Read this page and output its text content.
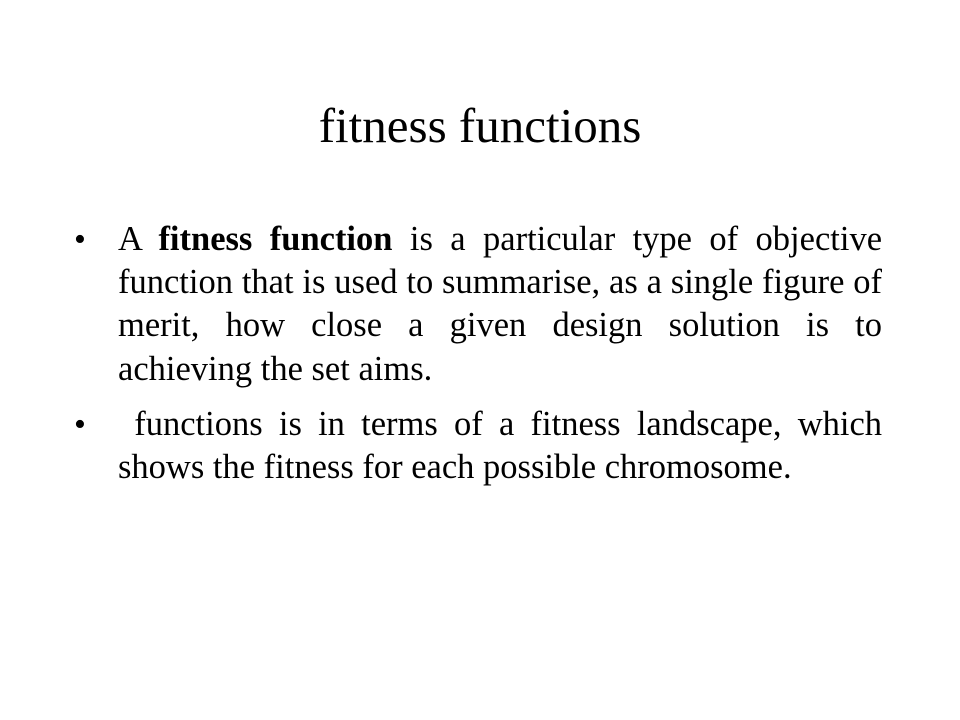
fitness functions
• A fitness function is a particular type of objective function that is used to summarise, as a single figure of merit, how close a given design solution is to achieving the set aims.
• functions is in terms of a fitness landscape, which shows the fitness for each possible chromosome.
